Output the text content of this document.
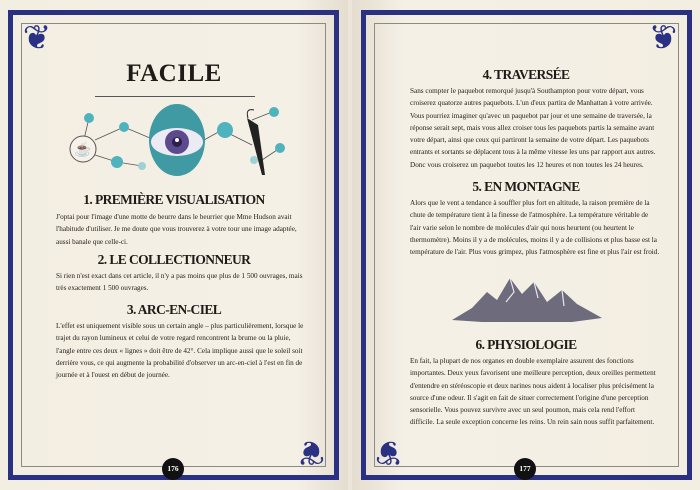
❦
❦
FACILE
☕
1. PREMIÈRE VISUALISATION
J'optai pour l'image d'une motte de beurre dans le beurrier que Mme Hudson avait l'habitude d'utiliser. Je me doute que vous trouverez à votre tour une image adaptée, aussi banale que celle-ci.
2. LE COLLECTIONNEUR
Si rien n'est exact dans cet article, il n'y a pas moins que plus de 1 500 ouvrages, mais très exactement 1 500 ouvrages.
3. ARC-EN-CIEL
L'effet est uniquement visible sous un certain angle – plus particulièrement, lorsque le trajet du rayon lumineux et celui de votre regard rencontrent la brume ou la pluie, l'angle entre ces deux « lignes » doit être de 42°. Cela implique aussi que le soleil soit derrière vous, ce qui augmente la probabilité d'observer un arc-en-ciel à l'est en fin de journée et à l'ouest en début de journée.
176
❦
❦
4. TRAVERSÉE
Sans compter le paquebot remorqué jusqu'à Southampton pour votre départ, vous croiserez quatorze autres paquebots. L'un d'eux partira de Manhattan à votre arrivée. Vous pourriez imaginer qu'avec un paquebot par jour et une semaine de traversée, la réponse serait sept, mais vous allez croiser tous les paquebots partis la semaine avant votre départ, ainsi que ceux qui partiront la semaine de votre départ. Les paquebots entrants et sortants se déplacent tous à la même vitesse les uns par rapport aux autres. Donc vous croiserez un paquebot toutes les 12 heures et non toutes les 24 heures.
5. EN MONTAGNE
Alors que le vent a tendance à souffler plus fort en altitude, la raison première de la chute de température tient à la finesse de l'atmosphère. La température véritable de l'air varie selon le nombre de molécules d'air qui nous heurtent (ou heurtent le thermomètre). Moins il y a de molécules, moins il y a de collisions et plus basse est la température de l'air. Plus vous grimpez, plus l'atmosphère est fine et plus l'air est froid.
6. PHYSIOLOGIE
En fait, la plupart de nos organes en double exemplaire assurent des fonctions importantes. Deux yeux favorisent une meilleure perception, deux oreilles permettent d'entendre en stéréoscopie et deux narines nous aident à localiser plus précisément la source d'une odeur. Il s'agit en fait de situer correctement l'origine d'une perception sensorielle. Vous pouvez survivre avec un seul poumon, mais cela rend l'effort difficile. La seule exception concerne les reins. Un rein sain nous suffit parfaitement.
177
